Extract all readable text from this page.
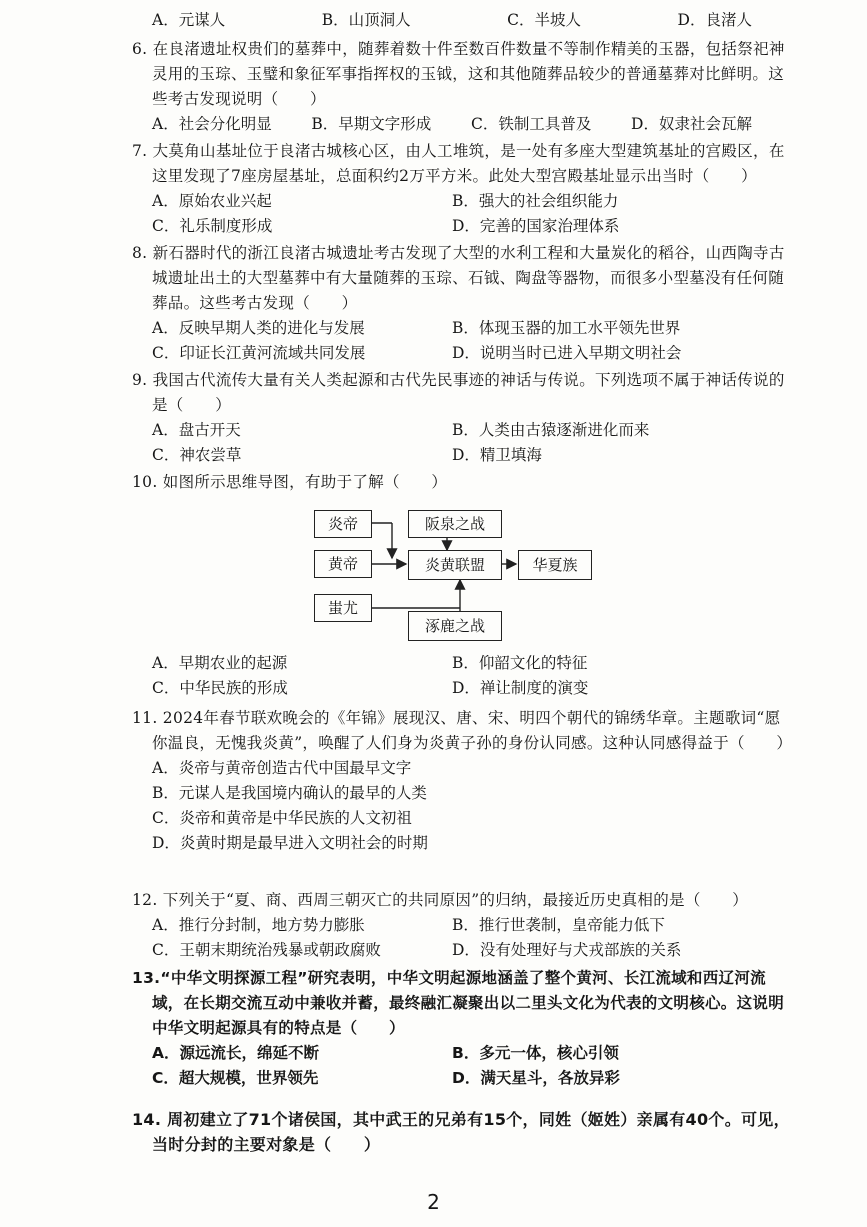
A．元谋人	B．山顶洞人	C．半坡人	D．良渚人
6. 在良渚遗址权贵们的墓葬中，随葬着数十件至数百件数量不等制作精美的玉器，包括祭祀神灵用的玉琮、玉璧和象征军事指挥权的玉钺，这和其他随葬品较少的普通墓葬对比鲜明。这些考古发现说明（　　）
A．社会分化明显	B．早期文字形成	C．铁制工具普及	D．奴隶社会瓦解
7. 大莫角山基址位于良渚古城核心区，由人工堆筑，是一处有多座大型建筑基址的宫殿区，在这里发现了7座房屋基址，总面积约2万平方米。此处大型宫殿基址显示出当时（　　）
A．原始农业兴起	B．强大的社会组织能力
C．礼乐制度形成	D．完善的国家治理体系
8. 新石器时代的浙江良渚古城遗址考古发现了大型的水利工程和大量炭化的稻谷，山西陶寺古城遗址出土的大型墓葬中有大量随葬的玉琮、石钺、陶盘等器物，而很多小型墓没有任何随葬品。这些考古发现（　　）
A．反映早期人类的进化与发展	B．体现玉器的加工水平领先世界
C．印证长江黄河流域共同发展	D．说明当时已进入早期文明社会
9. 我国古代流传大量有关人类起源和古代先民事迹的神话与传说。下列选项不属于神话传说的是（　　）
A．盘古开天	B．人类由古猿逐渐进化而来
C．神农尝草	D．精卫填海
10. 如图所示思维导图，有助于了解（　　）
炎帝	阪泉之战
黄帝	炎黄联盟	华夏族
蚩尤
涿鹿之战
A．早期农业的起源	B．仰韶文化的特征
C．中华民族的形成	D．禅让制度的演变
11. 2024年春节联欢晚会的《年锦》展现汉、唐、宋、明四个朝代的锦绣华章。主题歌词“愿你温良，无愧我炎黄”，唤醒了人们身为炎黄子孙的身份认同感。这种认同感得益于（　　）
A．炎帝与黄帝创造古代中国最早文字
B．元谋人是我国境内确认的最早的人类
C．炎帝和黄帝是中华民族的人文初祖
D．炎黄时期是最早进入文明社会的时期
12. 下列关于“夏、商、西周三朝灭亡的共同原因”的归纳，最接近历史真相的是（　　）
A．推行分封制，地方势力膨胀	B．推行世袭制，皇帝能力低下
C．王朝末期统治残暴或朝政腐败	D．没有处理好与犬戎部族的关系
13.“中华文明探源工程”研究表明，中华文明起源地涵盖了整个黄河、长江流域和西辽河流域，在长期交流互动中兼收并蓄，最终融汇凝聚出以二里头文化为代表的文明核心。这说明中华文明起源具有的特点是（　　）
A．源远流长，绵延不断	B．多元一体，核心引领
C．超大规模，世界领先	D．满天星斗，各放异彩
14. 周初建立了71个诸侯国，其中武王的兄弟有15个，同姓（姬姓）亲属有40个。可见，当时分封的主要对象是（　　）
2
